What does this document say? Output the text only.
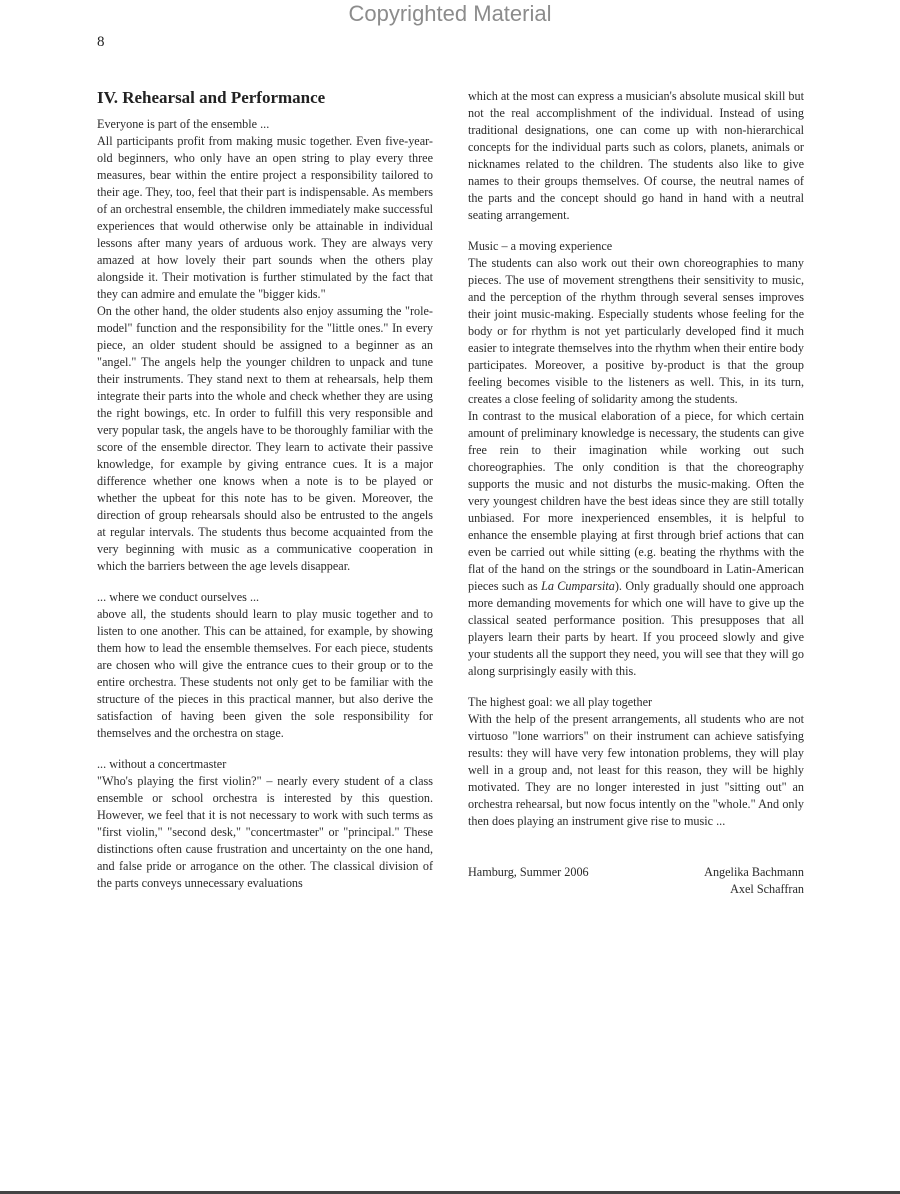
Copyrighted Material
8
IV. Rehearsal and Performance

Everyone is part of the ensemble ...

All participants profit from making music together. Even five-year-old beginners, who only have an open string to play every three measures, bear within the entire project a responsibility tailored to their age. They, too, feel that their part is indispensable. As members of an orchestral ensemble, the children immediately make successful experiences that would otherwise only be attainable in individual lessons after many years of arduous work. They are always very amazed at how lovely their part sounds when the others play alongside it. Their motivation is further stimulated by the fact that they can admire and emulate the "bigger kids."

On the other hand, the older students also enjoy assuming the "role-model" function and the responsibility for the "little ones." In every piece, an older student should be assigned to a beginner as an "angel." The angels help the younger children to unpack and tune their instruments. They stand next to them at rehearsals, help them integrate their parts into the whole and check whether they are using the right bowings, etc. In order to fulfill this very responsible and very popular task, the angels have to be thoroughly familiar with the score of the ensemble director. They learn to activate their passive knowledge, for example by giving entrance cues. It is a major difference whether one knows when a note is to be played or whether the upbeat for this note has to be given. Moreover, the direction of group rehearsals should also be entrusted to the angels at regular intervals. The students thus become acquainted from the very beginning with music as a communicative cooperation in which the barriers between the age levels disappear.

... where we conduct ourselves ...

above all, the students should learn to play music together and to listen to one another. This can be attained, for example, by showing them how to lead the ensemble themselves. For each piece, students are chosen who will give the entrance cues to their group or to the entire orchestra. These students not only get to be familiar with the structure of the pieces in this practical manner, but also derive the satisfaction of having been given the sole responsibility for themselves and the orchestra on stage.

... without a concertmaster

"Who's playing the first violin?" – nearly every student of a class ensemble or school orchestra is interested by this question. However, we feel that it is not necessary to work with such terms as "first violin," "second desk," "concertmaster" or "principal." These distinctions often cause frustration and uncertainty on the one hand, and false pride or arrogance on the other. The classical division of the parts conveys unnecessary evaluations

which at the most can express a musician's absolute musical skill but not the real accomplishment of the individual. Instead of using traditional designations, one can come up with non-hierarchical concepts for the individual parts such as colors, planets, animals or nicknames related to the children. The students also like to give names to their groups themselves. Of course, the neutral names of the parts and the concept should go hand in hand with a neutral seating arrangement.

Music – a moving experience

The students can also work out their own choreographies to many pieces. The use of movement strengthens their sensitivity to music, and the perception of the rhythm through several senses improves their joint music-making. Especially students whose feeling for the body or for rhythm is not yet particularly developed find it much easier to integrate themselves into the rhythm when their entire body participates. Moreover, a positive by-product is that the group feeling becomes visible to the listeners as well. This, in its turn, creates a close feeling of solidarity among the students.

In contrast to the musical elaboration of a piece, for which certain amount of preliminary knowledge is necessary, the students can give free rein to their imagination while working out such choreographies. The only condition is that the choreography supports the music and not disturbs the music-making. Often the very youngest children have the best ideas since they are still totally unbiased. For more inexperienced ensembles, it is helpful to enhance the ensemble playing at first through brief actions that can even be carried out while sitting (e.g. beating the rhythms with the flat of the hand on the strings or the soundboard in Latin-American pieces such as La Cumparsita). Only gradually should one approach more demanding movements for which one will have to give up the classical seated performance position. This presupposes that all players learn their parts by heart. If you proceed slowly and give your students all the support they need, you will see that they will go along surprisingly easily with this.

The highest goal: we all play together

With the help of the present arrangements, all students who are not virtuoso "lone warriors" on their instrument can achieve satisfying results: they will have very few intonation problems, they will play well in a group and, not least for this reason, they will be highly motivated. They are no longer interested in just "sitting out" an orchestra rehearsal, but now focus intently on the "whole." And only then does playing an instrument give rise to music ...

Hamburg, Summer 2006	Angelika Bachmann
Axel Schaffran
